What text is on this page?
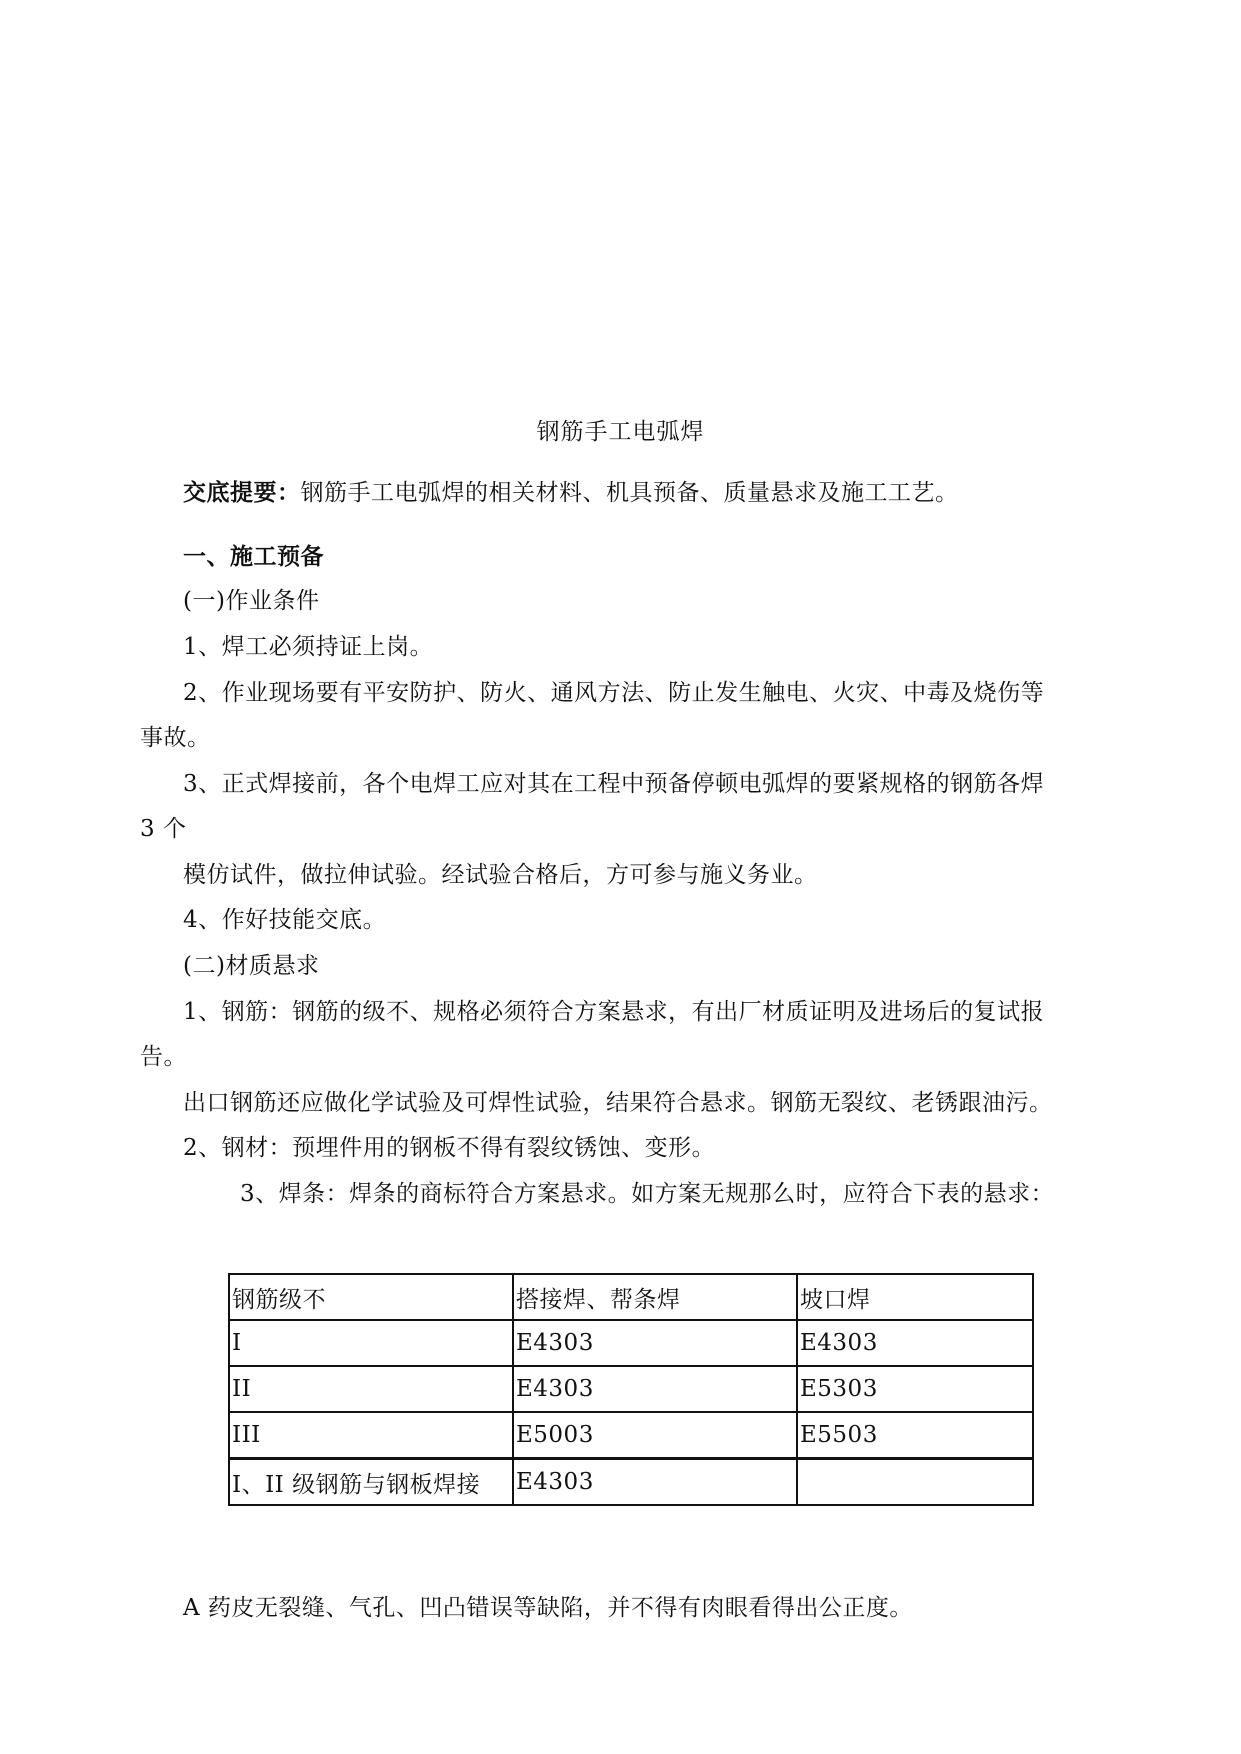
钢筋手工电弧焊
交底提要：钢筋手工电弧焊的相关材料、机具预备、质量悬求及施工工艺。
一、施工预备
(一)作业条件
1、焊工必须持证上岗。
2、作业现场要有平安防护、防火、通风方法、防止发生触电、火灾、中毒及烧伤等
事故。
3、正式焊接前，各个电焊工应对其在工程中预备停顿电弧焊的要紧规格的钢筋各焊
3 个
模仿试件，做拉伸试验。经试验合格后，方可参与施义务业。
4、作好技能交底。
(二)材质悬求
1、钢筋：钢筋的级不、规格必须符合方案悬求，有出厂材质证明及进场后的复试报
告。
出口钢筋还应做化学试验及可焊性试验，结果符合悬求。钢筋无裂纹、老锈跟油污。
2、钢材：预埋件用的钢板不得有裂纹锈蚀、变形。
3、焊条：焊条的商标符合方案悬求。如方案无规那么时，应符合下表的悬求：
钢筋级不	搭接焊、帮条焊	坡口焊
I	E4303	E4303
II	E4303	E5303
III	E5003	E5503
I、II 级钢筋与钢板焊接	E4303	
A 药皮无裂缝、气孔、凹凸错误等缺陷，并不得有肉眼看得出公正度。
